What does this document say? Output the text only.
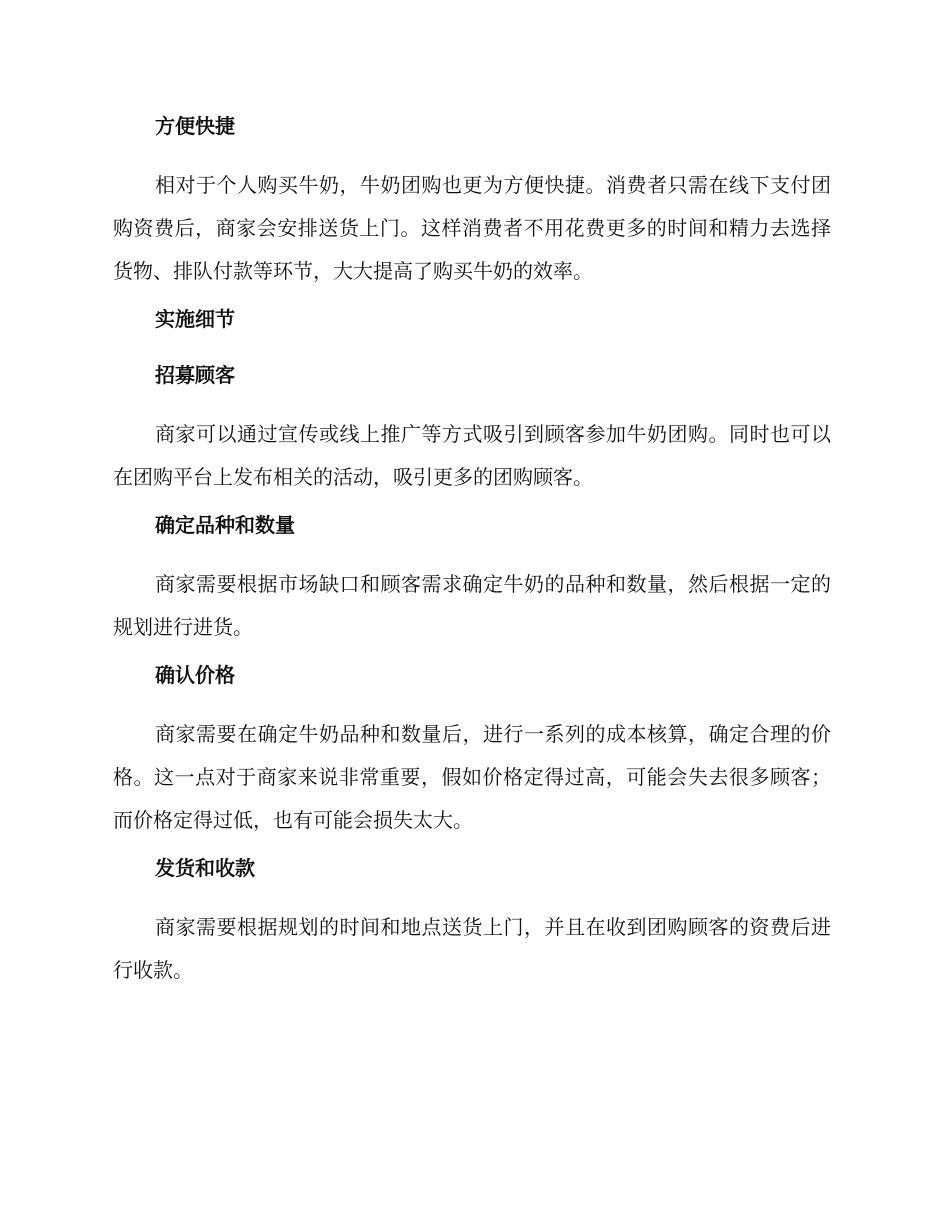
方便快捷

相对于个人购买牛奶，牛奶团购也更为方便快捷。消费者只需在线下支付团购资费后，商家会安排送货上门。这样消费者不用花费更多的时间和精力去选择货物、排队付款等环节，大大提高了购买牛奶的效率。

实施细节
招募顾客

商家可以通过宣传或线上推广等方式吸引到顾客参加牛奶团购。同时也可以在团购平台上发布相关的活动，吸引更多的团购顾客。

确定品种和数量

商家需要根据市场缺口和顾客需求确定牛奶的品种和数量，然后根据一定的规划进行进货。

确认价格

商家需要在确定牛奶品种和数量后，进行一系列的成本核算，确定合理的价格。这一点对于商家来说非常重要，假如价格定得过高，可能会失去很多顾客；而价格定得过低，也有可能会损失太大。

发货和收款

商家需要根据规划的时间和地点送货上门，并且在收到团购顾客的资费后进行收款。
